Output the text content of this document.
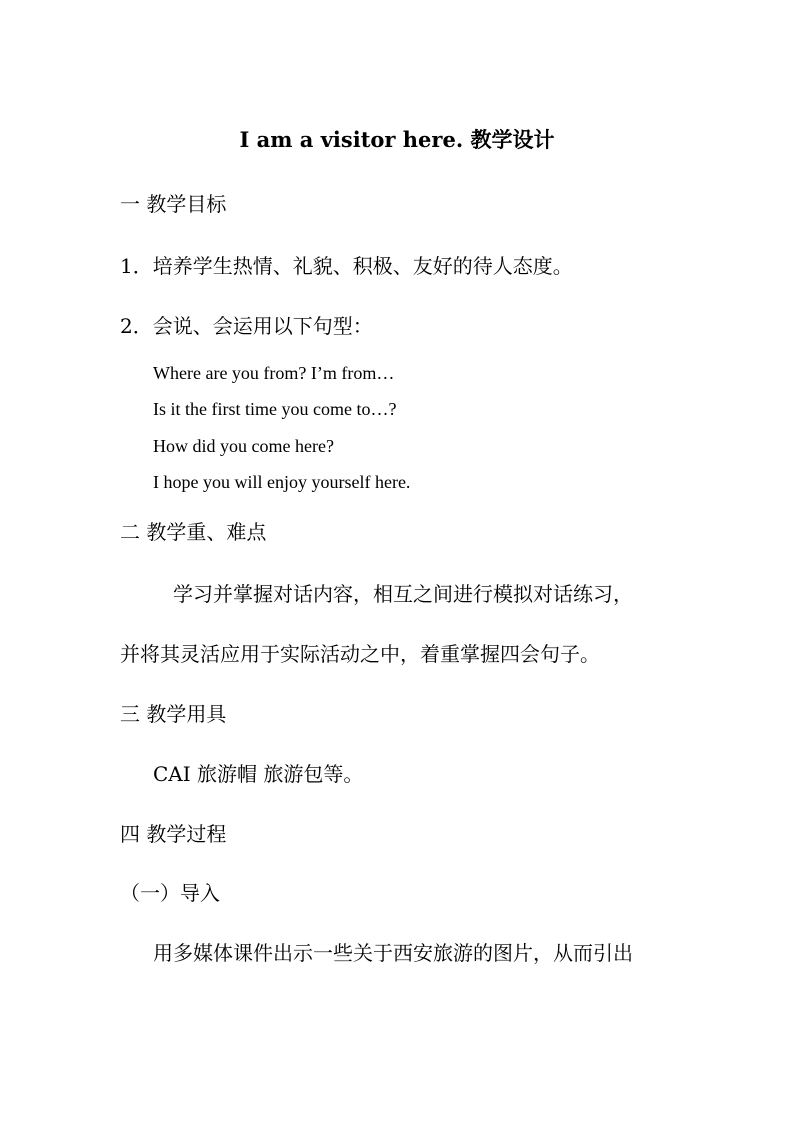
I am a visitor here. 教学设计
一 教学目标
1．培养学生热情、礼貌、积极、友好的待人态度。
2．会说、会运用以下句型：
Where are you from? I’m from…
Is it the first time you come to…?
How did you come here?
I hope you will enjoy yourself here.
二 教学重、难点
学习并掌握对话内容，相互之间进行模拟对话练习，
并将其灵活应用于实际活动之中，着重掌握四会句子。
三 教学用具
CAI 旅游帽 旅游包等。
四 教学过程
（一）导入
用多媒体课件出示一些关于西安旅游的图片，从而引出
